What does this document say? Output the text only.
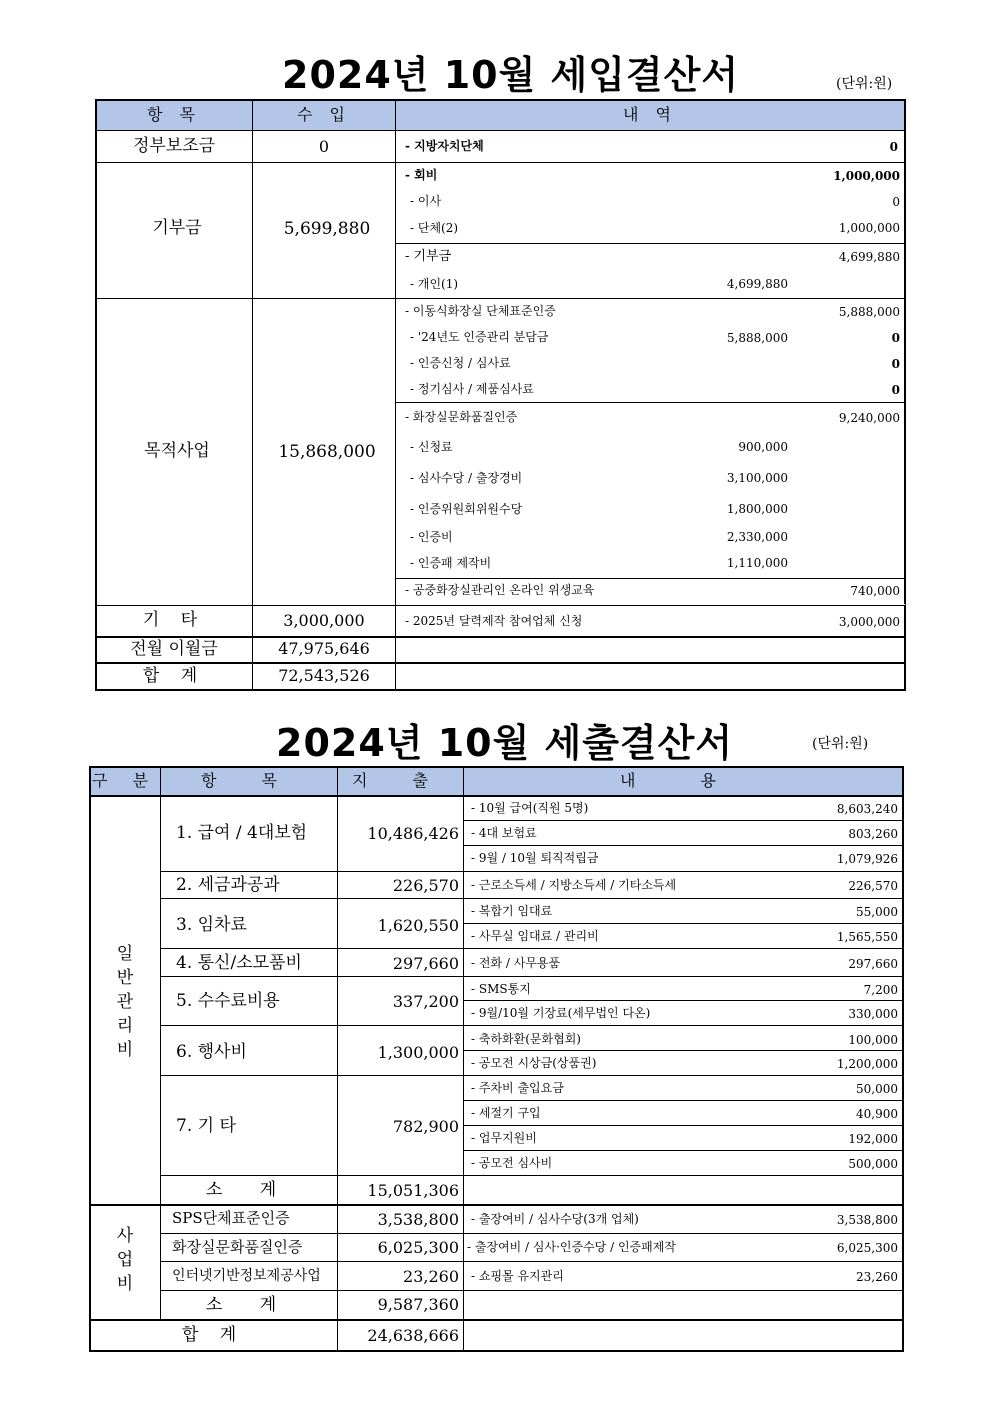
2024년 10월 세입결산서	(단위:원)
항 목	수 입	내 역
정부보조금	0	- 지방자치단체	0
기부금	5,699,880
- 회비	1,000,000
- 이사	0
- 단체(2)	1,000,000
- 기부금	4,699,880
- 개인(1)	4,699,880
목적사업	15,868,000
- 이동식화장실 단체표준인증	5,888,000
- '24년도 인증관리 분담금	5,888,000	0
- 인증신청 / 심사료	0
- 정기심사 / 제품심사료	0
- 화장실문화품질인증	9,240,000
- 신청료	900,000
- 심사수당 / 출장경비	3,100,000
- 인증위원회위원수당	1,800,000
- 인증비	2,330,000
- 인증패 제작비	1,110,000
- 공중화장실관리인 온라인 위생교육	740,000
기 타	3,000,000	- 2025년 달력제작 참여업체 신청	3,000,000
전월 이월금	47,975,646
합 계	72,543,526
2024년 10월 세출결산서	(단위:원)
구 분	항 목	지 출	내 용
일반관리비
1. 급여 / 4대보험	10,486,426
- 10월 급여(직원 5명)	8,603,240
- 4대 보험료	803,260
- 9월 / 10월 퇴직적립금	1,079,926
2. 세금과공과	226,570 - 근로소득세 / 지방소득세 / 기타소득세	226,570
3. 임차료	1,620,550
- 복합기 임대료	55,000
- 사무실 임대료 / 관리비	1,565,550
4. 통신/소모품비	297,660 - 전화 / 사무용품	297,660
5. 수수료비용	337,200
- SMS통지	7,200
- 9월/10월 기장료(세무법인 다온)	330,000
6. 행사비	1,300,000
- 축하화환(문화협회)	100,000
- 공모전 시상금(상품권)	1,200,000
7. 기 타	782,900
- 주차비 출입요금	50,000
- 세절기 구입	40,900
- 업무지원비	192,000
- 공모전 심사비	500,000
소 계	15,051,306
사업비
SPS단체표준인증	3,538,800 - 출장여비 / 심사수당(3개 업체)	3,538,800
화장실문화품질인증	6,025,300 - 출장여비 / 심사·인증수당 / 인증패제작	6,025,300
인터넷기반정보제공사업	23,260 - 쇼핑몰 유지관리	23,260
소 계	9,587,360
합 계	24,638,666
